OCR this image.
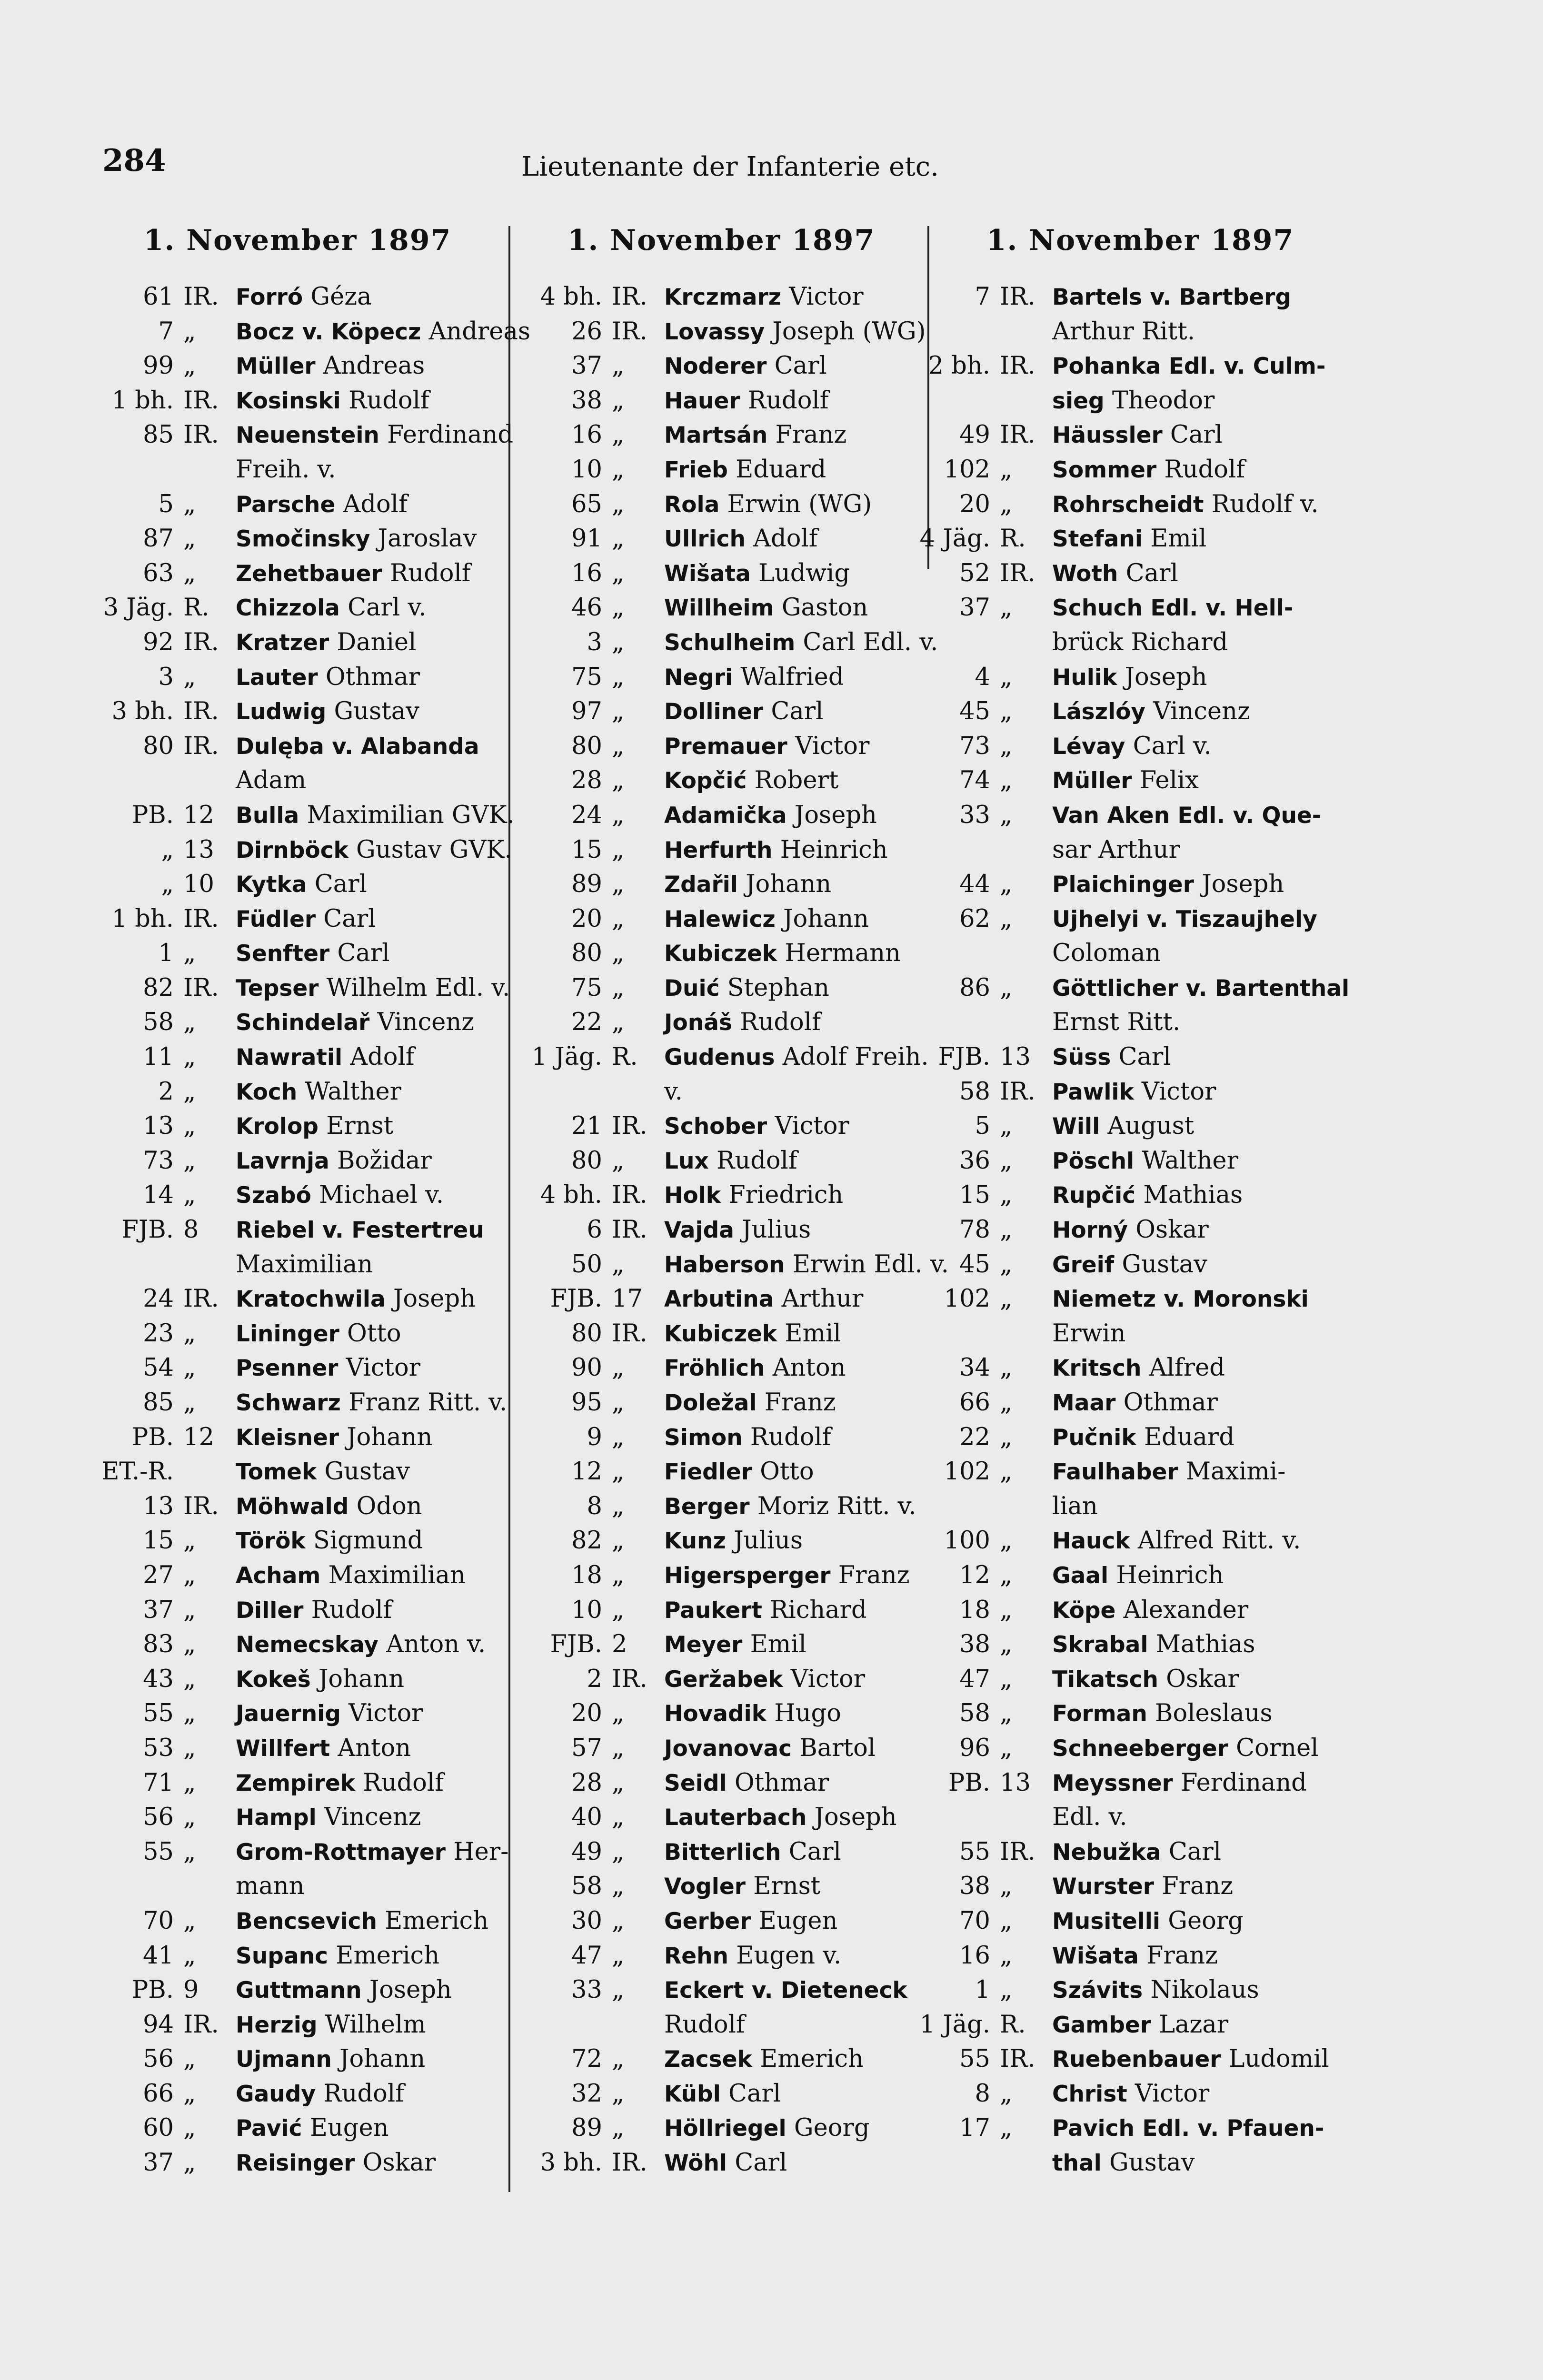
284	Lieutenante der Infanterie etc.
1. November 1897
61 IR. Forró Géza
7 „	Bocz v. Köpecz Andreas
99 „	Müller Andreas
1 bh. IR. Kosinski Rudolf
85 IR. Neuenstein Ferdinand
Freih. v.
5 „	Parsche Adolf
87 „	Smočinsky Jaroslav
63 „	Zehetbauer Rudolf
3 Jäg. R.	Chizzola Carl v.
92 IR. Kratzer Daniel
3 „	Lauter Othmar
3 bh. IR. Ludwig Gustav
80 IR. Dulęba v. Alabanda
Adam
PB. 12 Bulla Maximilian GVK.
„ 13 Dirnböck Gustav GVK.
„ 10 Kytka Carl
1 bh. IR. Füdler Carl
1 „	Senfter Carl
82 IR. Tepser Wilhelm Edl. v.
58 „	Schindelař Vincenz
11 „	Nawratil Adolf
2 „	Koch Walther
13 „	Krolop Ernst
73 „	Lavrnja Božidar
14 „	Szabó Michael v.
FJB. 8	Riebel v. Festertreu
Maximilian
24 IR. Kratochwila Joseph
23 „	Lininger Otto
54 „	Psenner Victor
85 „	Schwarz Franz Ritt. v.
PB. 12 Kleisner Johann
ET.-R.	Tomek Gustav
13 IR. Möhwald Odon
15 „	Török Sigmund
27 „	Acham Maximilian
37 „	Diller Rudolf
83 „	Nemecskay Anton v.
43 „	Kokeš Johann
55 „	Jauernig Victor
53 „	Willfert Anton
71 „	Zempirek Rudolf
56 „	Hampl Vincenz
55 „	Grom-Rottmayer Her-
mann
70 „	Bencsevich Emerich
41 „	Supanc Emerich
PB. 9	Guttmann Joseph
94 IR. Herzig Wilhelm
56 „	Ujmann Johann
66 „	Gaudy Rudolf
60 „	Pavić Eugen
37 „	Reisinger Oskar
1. November 1897
4 bh. IR. Krczmarz Victor
26 IR. Lovassy Joseph (WG)
37 „	Noderer Carl
38 „	Hauer Rudolf
16 „	Martsán Franz
10 „	Frieb Eduard
65 „	Rola Erwin (WG)
91 „	Ullrich Adolf
16 „	Wišata Ludwig
46 „	Willheim Gaston
3 „	Schulheim Carl Edl. v.
75 „	Negri Walfried
97 „	Dolliner Carl
80 „	Premauer Victor
28 „	Kopčić Robert
24 „	Adamička Joseph
15 „	Herfurth Heinrich
89 „	Zdařil Johann
20 „	Halewicz Johann
80 „	Kubiczek Hermann
75 „	Duić Stephan
22 „	Jonáš Rudolf
1 Jäg. R.	Gudenus Adolf Freih.
v.
21 IR. Schober Victor
80 „	Lux Rudolf
4 bh. IR. Holk Friedrich
6 IR. Vajda Julius
50 „	Haberson Erwin Edl. v.
FJB. 17 Arbutina Arthur
80 IR. Kubiczek Emil
90 „	Fröhlich Anton
95 „	Doležal Franz
9 „	Simon Rudolf
12 „	Fiedler Otto
8 „	Berger Moriz Ritt. v.
82 „	Kunz Julius
18 „	Higersperger Franz
10 „	Paukert Richard
FJB. 2	Meyer Emil
2 IR. Geržabek Victor
20 „	Hovadik Hugo
57 „	Jovanovac Bartol
28 „	Seidl Othmar
40 „	Lauterbach Joseph
49 „	Bitterlich Carl
58 „	Vogler Ernst
30 „	Gerber Eugen
47 „	Rehn Eugen v.
33 „	Eckert v. Dieteneck
Rudolf
72 „	Zacsek Emerich
32 „	Kübl Carl
89 „	Höllriegel Georg
3 bh. IR. Wöhl Carl
1. November 1897
7 IR. Bartels v. Bartberg
Arthur Ritt.
2 bh. IR. Pohanka Edl. v. Culm-
sieg Theodor
49 IR. Häussler Carl
102 „	Sommer Rudolf
20 „	Rohrscheidt Rudolf v.
4 Jäg. R.	Stefani Emil
52 IR. Woth Carl
37 „	Schuch Edl. v. Hell-
brück Richard
4 „	Hulik Joseph
45 „	Lászlóy Vincenz
73 „	Lévay Carl v.
74 „	Müller Felix
33 „	Van Aken Edl. v. Que-
sar Arthur
44 „	Plaichinger Joseph
62 „	Ujhelyi v. Tiszaujhely
Coloman
86 „	Göttlicher v. Bartenthal
Ernst Ritt.
FJB. 13 Süss Carl
58 IR. Pawlik Victor
5 „	Will August
36 „	Pöschl Walther
15 „	Rupčić Mathias
78 „	Horný Oskar
45 „	Greif Gustav
102 „	Niemetz v. Moronski
Erwin
34 „	Kritsch Alfred
66 „	Maar Othmar
22 „	Pučnik Eduard
102 „	Faulhaber Maximi-
lian
100 „	Hauck Alfred Ritt. v.
12 „	Gaal Heinrich
18 „	Köpe Alexander
38 „	Skrabal Mathias
47 „	Tikatsch Oskar
58 „	Forman Boleslaus
96 „	Schneeberger Cornel
PB. 13 Meyssner Ferdinand
Edl. v.
55 IR. Nebužka Carl
38 „	Wurster Franz
70 „	Musitelli Georg
16 „	Wišata Franz
1 „	Szávits Nikolaus
1 Jäg. R.	Gamber Lazar
55 IR. Ruebenbauer Ludomil
8 „	Christ Victor
17 „	Pavich Edl. v. Pfauen-
thal Gustav
